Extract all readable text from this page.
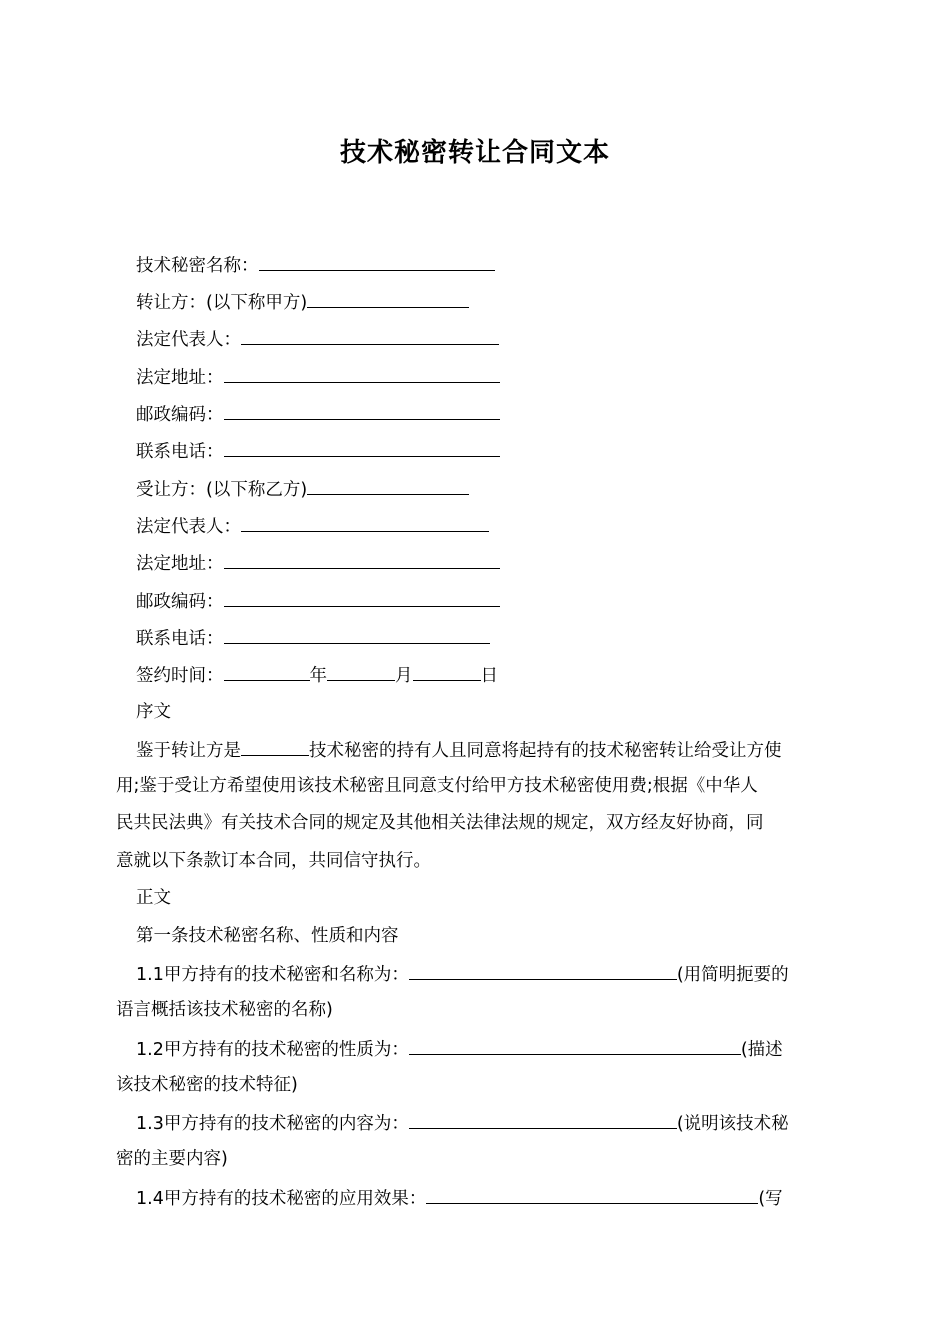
技术秘密转让合同文本
技术秘密名称：
转让方：(以下称甲方)
法定代表人：
法定地址：
邮政编码：
联系电话：
受让方：(以下称乙方)
法定代表人：
法定地址：
邮政编码：
联系电话：
签约时间：	年	月	日
序文
鉴于转让方是	技术秘密的持有人且同意将起持有的技术秘密转让给受让方使
用;鉴于受让方希望使用该技术秘密且同意支付给甲方技术秘密使用费;根据《中华人
民共民法典》有关技术合同的规定及其他相关法律法规的规定，双方经友好协商，同
意就以下条款订本合同，共同信守执行。
正文
第一条技术秘密名称、性质和内容
1.1甲方持有的技术秘密和名称为：	(用简明扼要的
语言概括该技术秘密的名称)
1.2甲方持有的技术秘密的性质为：	(描述
该技术秘密的技术特征)
1.3甲方持有的技术秘密的内容为：	(说明该技术秘
密的主要内容)
1.4甲方持有的技术秘密的应用效果：	(写
